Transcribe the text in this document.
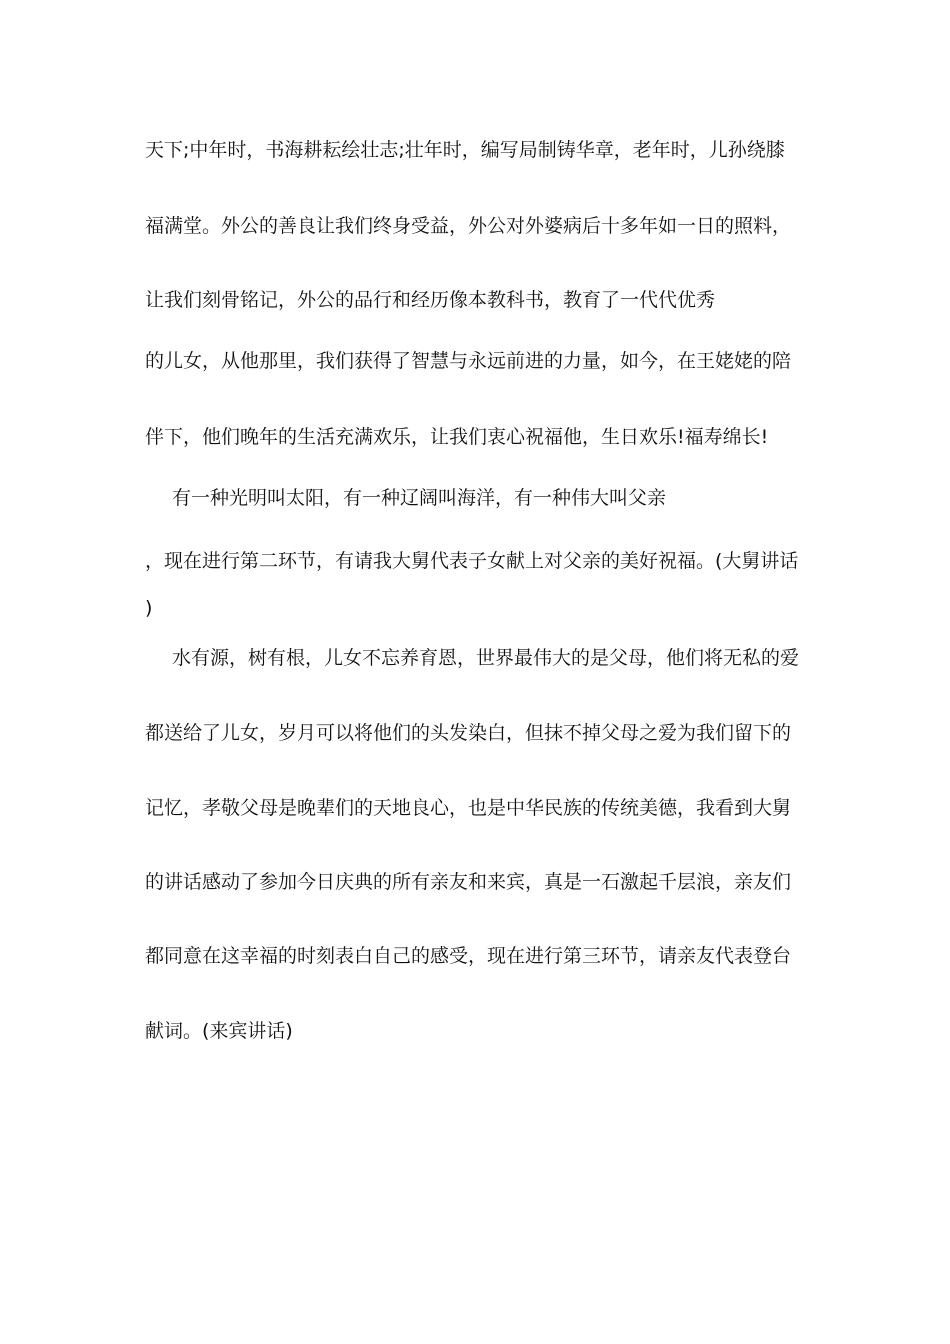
天下;中年时，书海耕耘绘壮志;壮年时，编写局制铸华章，老年时，儿孙绕膝
福满堂。外公的善良让我们终身受益，外公对外婆病后十多年如一日的照料，
让我们刻骨铭记，外公的品行和经历像本教科书，教育了一代代优秀
的儿女，从他那里，我们获得了智慧与永远前进的力量，如今，在王姥姥的陪
伴下，他们晚年的生活充满欢乐，让我们衷心祝福他，生日欢乐!福寿绵长!
有一种光明叫太阳，有一种辽阔叫海洋，有一种伟大叫父亲
，现在进行第二环节，有请我大舅代表子女献上对父亲的美好祝福。(大舅讲话
)
水有源，树有根，儿女不忘养育恩，世界最伟大的是父母，他们将无私的爱
都送给了儿女，岁月可以将他们的头发染白，但抹不掉父母之爱为我们留下的
记忆，孝敬父母是晚辈们的天地良心，也是中华民族的传统美德，我看到大舅
的讲话感动了参加今日庆典的所有亲友和来宾，真是一石激起千层浪，亲友们
都同意在这幸福的时刻表白自己的感受，现在进行第三环节，请亲友代表登台
献词。(来宾讲话)
